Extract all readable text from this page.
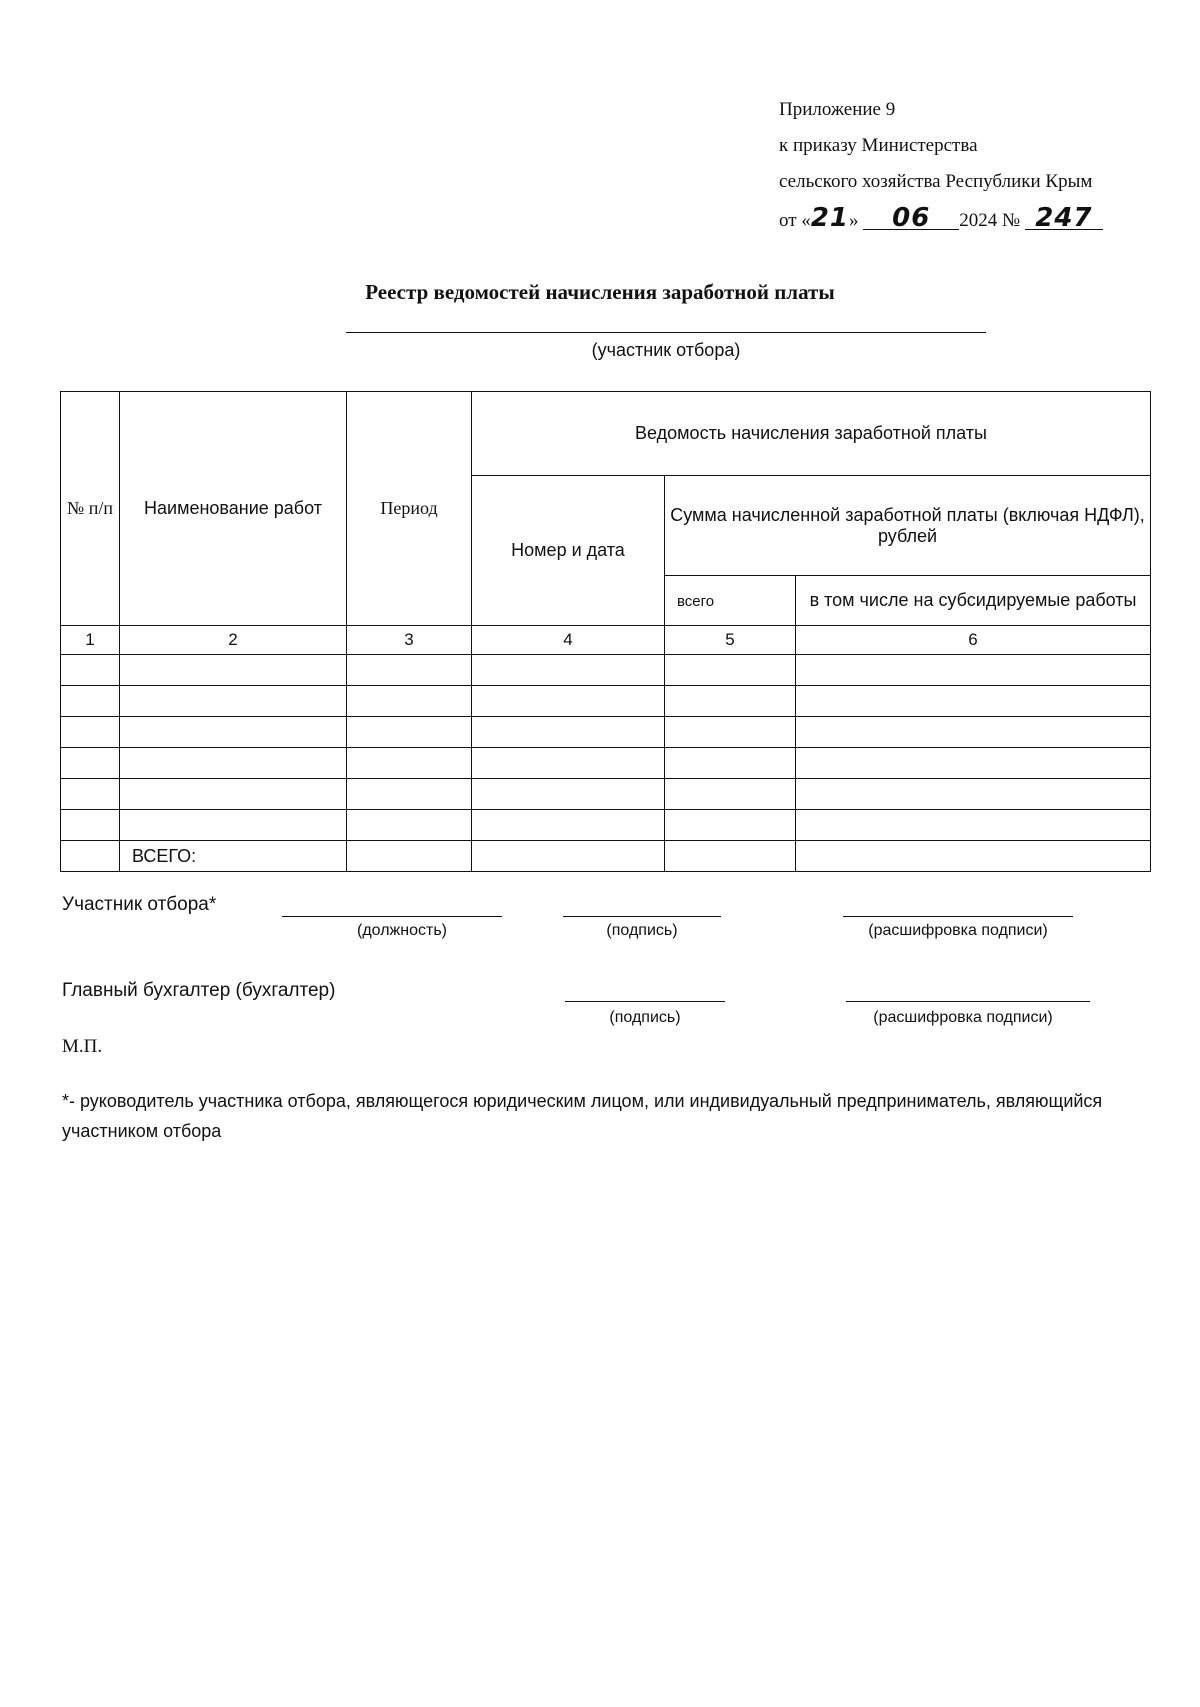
Приложение 9
к приказу Министерства
сельского хозяйства Республики Крым
от «21» 06 2024 № 247
Реестр ведомостей начисления заработной платы
(участник отбора)
№ п/п	Наименование работ	Период	Ведомость начисления заработной платы		
			Номер и дата	Сумма начисленной заработной платы (включая НДФЛ), рублей	
				всего	в том числе на субсидируемые работы
1	2	3	4	5	6

	ВСЕГО:				
Участник отбора*
(должность)	(подпись)	(расшифровка подписи)
Главный бухгалтер (бухгалтер)
(подпись)	(расшифровка подписи)
М.П.
*- руководитель участника отбора, являющегося юридическим лицом, или индивидуальный предприниматель, являющийся участником отбора
